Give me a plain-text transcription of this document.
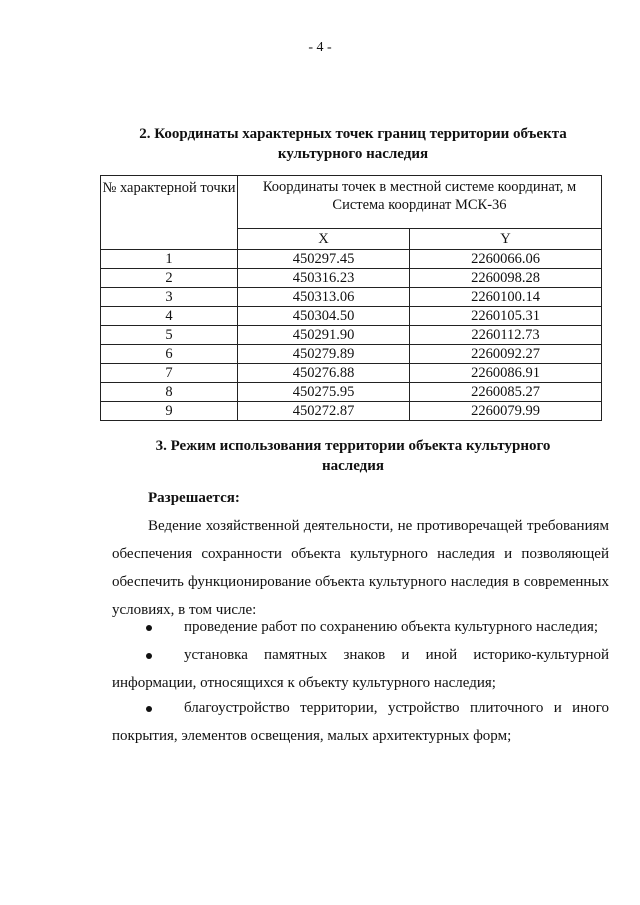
- 4 -
2. Координаты характерных точек границ территории объекта
культурного наследия
№ характерной точки	Координаты точек в местной системе координат, м
Система координат МСК-36	

	X	Y
1	450297.45	2260066.06
2	450316.23	2260098.28
3	450313.06	2260100.14
4	450304.50	2260105.31
5	450291.90	2260112.73
6	450279.89	2260092.27
7	450276.88	2260086.91
8	450275.95	2260085.27
9	450272.87	2260079.99
3. Режим использования территории объекта культурного
наследия
Разрешается:
Ведение хозяйственной деятельности, не противоречащей требованиям обеспечения сохранности объекта культурного наследия и позволяющей обеспечить функционирование объекта культурного наследия в современных условиях, в том числе:
проведение работ по сохранению объекта культурного наследия;
установка памятных знаков и иной историко-культурной информации, относящихся к объекту культурного наследия;
благоустройство территории, устройство плиточного и иного покрытия, элементов освещения, малых архитектурных форм;
